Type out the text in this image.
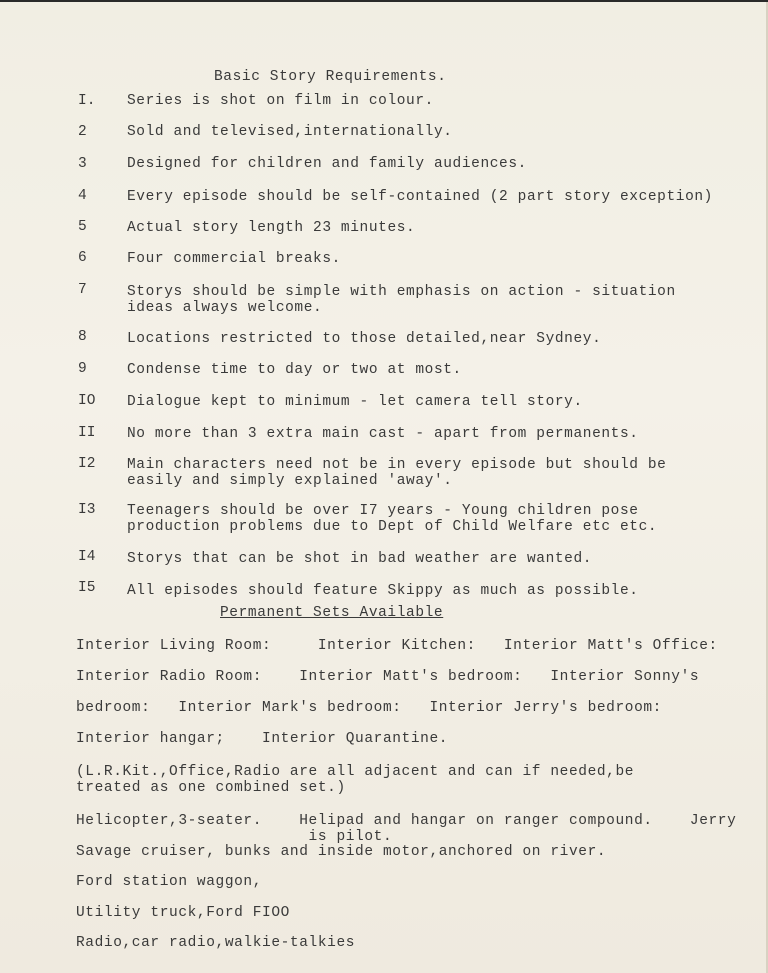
Basic Story Requirements.
I. Series is shot on film in colour.
2	Sold and televised,internationally.
3	Designed for children and family audiences.
4	Every episode should be self-contained (2 part story exception)
5	Actual story length 23 minutes.
6	Four commercial breaks.
7	Storys should be simple with emphasis on action - situation
ideas always welcome.
8	Locations restricted to those detailed,near Sydney.
9	Condense time to day or two at most.
IO Dialogue kept to minimum - let camera tell story.
II No more than 3 extra main cast - apart from permanents.
I2 Main characters need not be in every episode but should be
easily and simply explained 'away'.
I3 Teenagers should be over I7 years - Young children pose
production problems due to Dept of Child Welfare etc etc.
I4 Storys that can be shot in bad weather are wanted.
I5 All episodes should feature Skippy as much as possible.
Permanent Sets Available
Interior Living Room:     Interior Kitchen:   Interior Matt's Office:
Interior Radio Room:    Interior Matt's bedroom:   Interior Sonny's
bedroom:   Interior Mark's bedroom:   Interior Jerry's bedroom:
Interior hangar;    Interior Quarantine.
(L.R.Kit.,Office,Radio are all adjacent and can if needed,be
treated as one combined set.)
Helicopter,3-seater.    Helipad and hangar on ranger compound.    Jerry
is pilot.
Savage cruiser, bunks and inside motor,anchored on river.
Ford station waggon,
Utility truck,Ford FIOO
Radio,car radio,walkie-talkies
